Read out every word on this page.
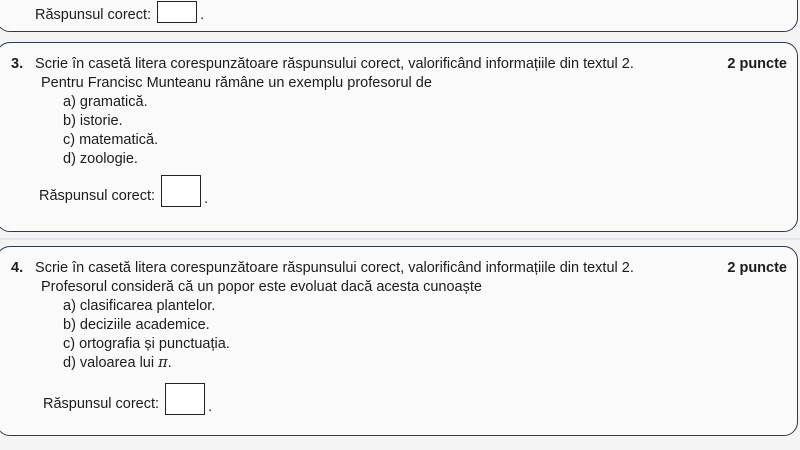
Răspunsul corect:	.
3. Scrie în casetă litera corespunzătoare răspunsului corect, valorificând informațiile din textul 2.	2 puncte
Pentru Francisc Munteanu rămâne un exemplu profesorul de
a) gramatică.
b) istorie.
c) matematică.
d) zoologie.
Răspunsul corect:	.
4. Scrie în casetă litera corespunzătoare răspunsului corect, valorificând informațiile din textul 2.	2 puncte
Profesorul consideră că un popor este evoluat dacă acesta cunoaște
a) clasificarea plantelor.
b) deciziile academice.
c) ortografia și punctuația.
d) valoarea lui π.
Răspunsul corect:	.
